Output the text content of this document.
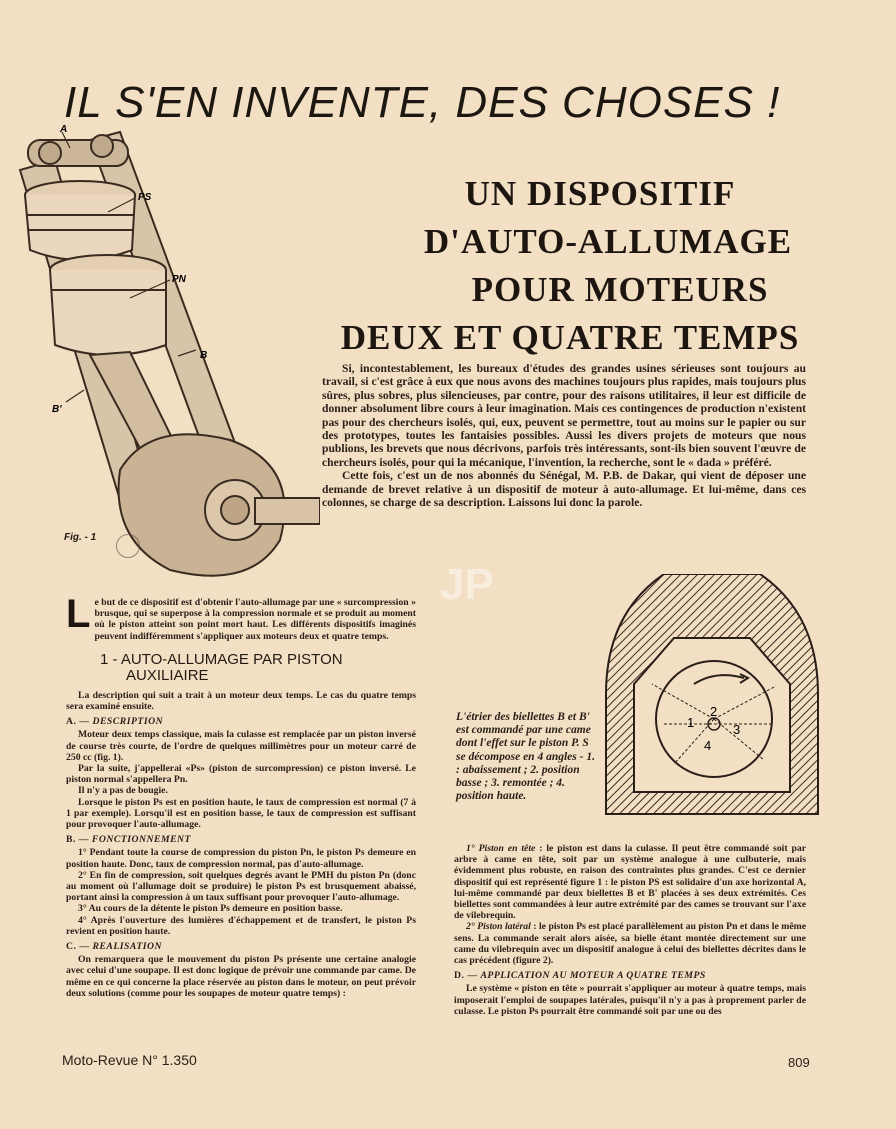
IL S'EN INVENTE, DES CHOSES !
A
PS
PN
B
B'
Fig. - 1
UN DISPOSITIF
D'AUTO-ALLUMAGE
POUR MOTEURS
DEUX ET QUATRE TEMPS

Si, incontestablement, les bureaux d'études des grandes usines sérieuses sont toujours au travail, si c'est grâce à eux que nous avons des machines toujours plus rapides, mais toujours plus sûres, plus sobres, plus silencieuses, par contre, pour des raisons utilitaires, il leur est difficile de donner absolument libre cours à leur imagination. Mais ces contingences de production n'existent pas pour des chercheurs isolés, qui, eux, peuvent se permettre, tout au moins sur le papier ou sur des prototypes, toutes les fantaisies possibles. Aussi les divers projets de moteurs que nous publions, les brevets que nous décrivons, parfois très intéressants, sont-ils bien souvent l'œuvre de chercheurs isolés, pour qui la mécanique, l'invention, la recherche, sont le « dada » préféré.

Cette fois, c'est un de nos abonnés du Sénégal, M. P.B. de Dakar, qui vient de déposer une demande de brevet relative à un dispositif de moteur à auto-allumage. Et lui-même, dans ces colonnes, se charge de sa description. Laissons lui donc la parole.

JP

Le but de ce dispositif est d'obtenir l'auto-allumage par une « surcompression » brusque, qui se superpose à la compression normale et se produit au moment où le piston atteint son point mort haut. Les différents dispositifs imaginés peuvent indifféremment s'appliquer aux moteurs deux et quatre temps.

1 - AUTO-ALLUMAGE PAR PISTON
AUXILIAIRE

La description qui suit a trait à un moteur deux temps. Le cas du quatre temps sera examiné ensuite.

A. — DESCRIPTION

Moteur deux temps classique, mais la culasse est remplacée par un piston inversé de course très courte, de l'ordre de quelques millimètres pour un moteur carré de 250 cc (fig. 1).

Par la suite, j'appellerai «Ps» (piston de surcompression) ce piston inversé. Le piston normal s'appellera Pn.

Il n'y a pas de bougie.

Lorsque le piston Ps est en position haute, le taux de compression est normal (7 à 1 par exemple). Lorsqu'il est en position basse, le taux de compression est suffisant pour provoquer l'auto-allumage.

B. — FONCTIONNEMENT

1° Pendant toute la course de compression du piston Pn, le piston Ps demeure en position haute. Donc, taux de compression normal, pas d'auto-allumage.

2° En fin de compression, soit quelques degrés avant le PMH du piston Pn (donc au moment où l'allumage doit se produire) le piston Ps est brusquement abaissé, portant ainsi la compression à un taux suffisant pour provoquer l'auto-allumage.

3° Au cours de la détente le piston Ps demeure en position basse.

4° Après l'ouverture des lumières d'échappement et de transfert, le piston Ps revient en position haute.

C. — REALISATION

On remarquera que le mouvement du piston Ps présente une certaine analogie avec celui d'une soupape. Il est donc logique de prévoir une commande par came. De même en ce qui concerne la place réservée au piston dans le moteur, on peut prévoir deux solutions (comme pour les soupapes de moteur quatre temps) :

L'étrier des biellettes B et B' est commandé par une came dont l'effet sur le piston P. S se décompose en 4 angles - 1. : abaissement ; 2. position basse ; 3. remontée ; 4. position haute.
1
2
3
4

1° Piston en tête : le piston est dans la culasse. Il peut être commandé soit par arbre à came en tête, soit par un système analogue à une culbuterie, mais évidemment plus robuste, en raison des contraintes plus grandes. C'est ce dernier dispositif qui est représenté figure 1 : le piston PS est solidaire d'un axe horizontal A, lui-même commandé par deux biellettes B et B' placées à ses deux extrémités. Ces biellettes sont commandées à leur autre extrémité par des cames se trouvant sur l'axe de vilebrequin.

2° Piston latéral : le piston Ps est placé parallèlement au piston Pn et dans le même sens. La commande serait alors aisée, sa bielle étant montée directement sur une came du vilebrequin avec un dispositif analogue à celui des biellettes décrites dans le cas précédent (figure 2).

D. — APPLICATION AU MOTEUR A QUATRE TEMPS

Le système « piston en tête » pourrait s'appliquer au moteur à quatre temps, mais imposerait l'emploi de soupapes latérales, puisqu'il n'y a pas à proprement parler de culasse. Le piston Ps pourrait être commandé soit par une ou des

Moto-Revue N° 1.350	809
